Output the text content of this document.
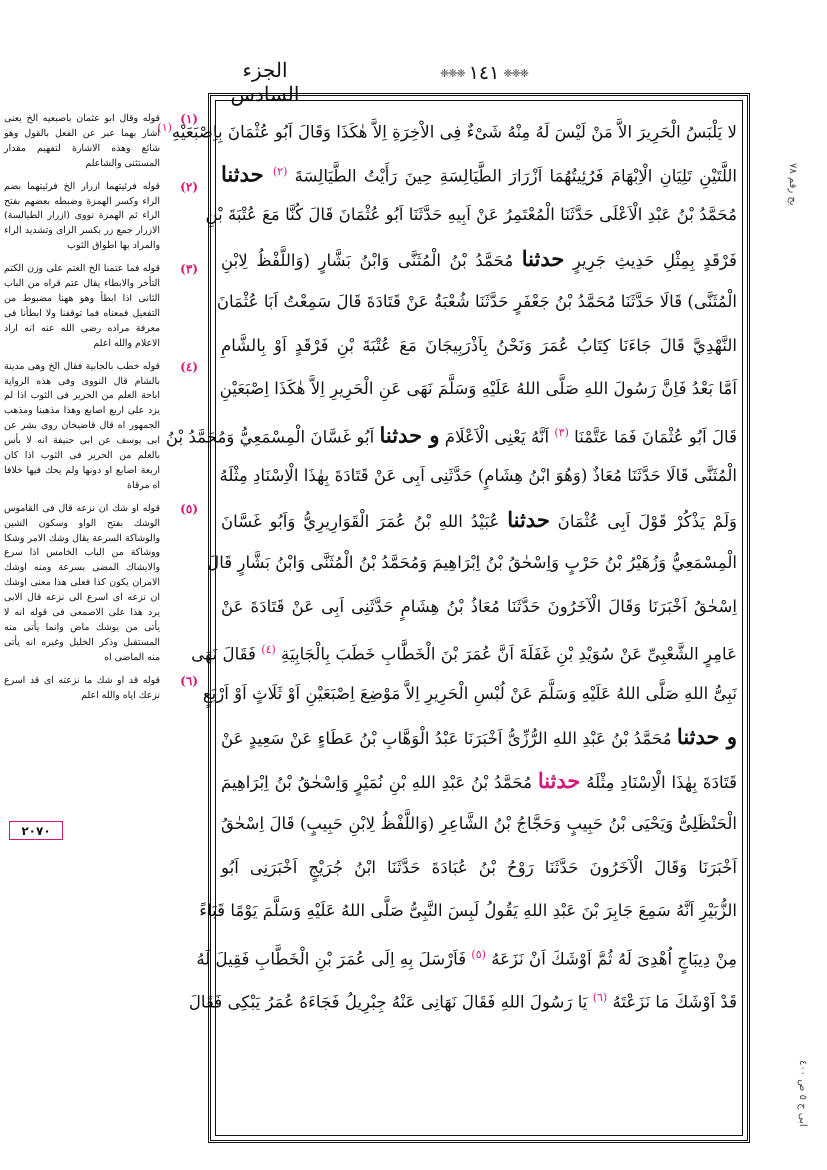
الجزء السادس
❈❈❈
١٤١
❈❈❈
لا يَلْبَسُ الْحَرِيرَ الاَّ مَنْ لَيْسَ لَهُ مِنْهُ شَىْءٌ فِى الاْخِرَةِ اِلاَّ هٰكَذَا وَقَالَ اَبُو عُثْمَانَ بِاِصْبَعَيْهِ$^{(١)}$
اللَّتَيْنِ تَلِيَانِ الْاِبْهَامَ فَرُئِيتُهُمَا اَزْرَارَ الطَّيَالِسَةِ حِينَ رَأَيْتُ الطَّيَالِسَةَ $^{(٢)}$ حدثنا
مُحَمَّدُ بْنُ عَبْدِ الْاَعْلَى حَدَّثَنَا الْمُعْتَمِرُ عَنْ اَبِيهِ حَدَّثَنَا اَبُو عُثْمَانَ قَالَ كُنَّا مَعَ عُتْبَةَ بْنِ
فَرْقَدٍ بِمِثْلِ حَدِيثِ جَرِيرٍ حدثنا مُحَمَّدُ بْنُ الْمُثَنَّى وَابْنُ بَشَّارٍ (وَاللَّفْظُ لِابْنِ
الْمُثَنَّى) قَالَا حَدَّثَنَا مُحَمَّدُ بْنُ جَعْفَرٍ حَدَّثَنَا شُعْبَةُ عَنْ قَتَادَةَ قَالَ سَمِعْتُ اَبَا عُثْمَانَ
النَّهْدِيَّ قَالَ جَاءَنَا كِتَابُ عُمَرَ وَنَحْنُ بِاَذْرَبِيجَانَ مَعَ عُتْبَةَ بْنِ فَرْقَدٍ اَوْ بِالشَّامِ
اَمَّا بَعْدُ فَاِنَّ رَسُولَ اللهِ صَلَّى اللهُ عَلَيْهِ وَسَلَّمَ نَهَى عَنِ الْحَرِيرِ اِلاَّ هٰكَذَا اِصْبَعَيْنِ
قَالَ اَبُو عُثْمَانَ فَمَا عَتَّمْنَا $^{(٣)}$ اَنَّهُ يَعْنِى الْاَعْلَامَ و حدثنا اَبُو غَسَّانَ الْمِسْمَعِيُّ وَمُحَمَّدُ بْنُ
الْمُثَنَّى قَالَا حَدَّثَنَا مُعَاذٌ (وَهُوَ ابْنُ هِشَامٍ) حَدَّثَنِى اَبِى عَنْ قَتَادَةَ بِهٰذَا الْاِسْنَادِ مِثْلَهُ
وَلَمْ يَذْكُرْ قَوْلَ اَبِى عُثْمَانَ حدثنا عُبَيْدُ اللهِ بْنُ عُمَرَ الْقَوَارِيرِيُّ وَاَبُو غَسَّانَ
الْمِسْمَعِيُّ وَزُهَيْرُ بْنُ حَرْبٍ وَاِسْحٰقُ بْنُ اِبْرَاهِيمَ وَمُحَمَّدُ بْنُ الْمُثَنَّى وَابْنُ بَشَّارٍ قَالَ
اِسْحٰقُ اَخْبَرَنَا وَقَالَ الْآخَرُونَ حَدَّثَنَا مُعَاذُ بْنُ هِشَامٍ حَدَّثَنِى اَبِى عَنْ قَتَادَةَ عَنْ
عَامِرٍ الشَّعْبِىِّ عَنْ سُوَيْدِ بْنِ غَفَلَةَ اَنَّ عُمَرَ بْنَ الْخَطَّابِ خَطَبَ بِالْجَابِيَةِ $^{(٤)}$ فَقَالَ نَهَى
نَبِىُّ اللهِ صَلَّى اللهُ عَلَيْهِ وَسَلَّمَ عَنْ لُبْسِ الْحَرِيرِ اِلاَّ مَوْضِعَ اِصْبَعَيْنِ اَوْ ثَلَاثٍ اَوْ اَرْبَعٍ
و حدثنا مُحَمَّدُ بْنُ عَبْدِ اللهِ الرُّزِّىُّ اَخْبَرَنَا عَبْدُ الْوَهَّابِ بْنُ عَطَاءٍ عَنْ سَعِيدٍ عَنْ
قَتَادَةَ بِهٰذَا الْاِسْنَادِ مِثْلَهُ حدثنا مُحَمَّدُ بْنُ عَبْدِ اللهِ بْنِ نُمَيْرٍ وَاِسْحٰقُ بْنُ اِبْرَاهِيمَ
الْحَنْظَلِىُّ وَيَحْيَى بْنُ حَبِيبٍ وَحَجَّاجُ بْنُ الشَّاعِرِ (وَاللَّفْظُ لِابْنِ حَبِيبٍ) قَالَ اِسْحٰقُ
اَخْبَرَنَا وَقَالَ الْآخَرُونَ حَدَّثَنَا رَوْحُ بْنُ عُبَادَةَ حَدَّثَنَا ابْنُ جُرَيْجٍ اَخْبَرَنِى اَبُو
الزُّبَيْرِ اَنَّهُ سَمِعَ جَابِرَ بْنَ عَبْدِ اللهِ يَقُولُ لَبِسَ النَّبِىُّ صَلَّى اللهُ عَلَيْهِ وَسَلَّمَ يَوْمًا قَبَاءً
مِنْ دِيبَاجٍ اُهْدِىَ لَهُ ثُمَّ اَوْشَكَ اَنْ نَزَعَهُ $^{(٥)}$ فَاَرْسَلَ بِهِ اِلَى عُمَرَ بْنِ الْخَطَّابِ فَقِيلَ لَهُ
قَدْ اَوْشَكَ مَا نَزَعْتَهُ $^{(٦)}$ يَا رَسُولَ اللهِ فَقَالَ نَهَانِى عَنْهُ جِبْرِيلُ فَجَاءَهُ عُمَرُ يَبْكِى فَقَالَ
(١)
قوله وقال ابو عثمان باصبعيه الخ يعنى اشار بهما عبر عن الفعل بالقول وهو شائع وهذه الاشارة لتفهيم مقدار المستثنى والشاعلم
(٢)
قوله فرئيتهما ازرار الخ فرئيتهما بضم الراء وكسر الهمزة وضبطه بعضهم بفتح الراء ثم الهمزة نووى (ازرار الطيالسة) الازرار جمع زر بكسر الزاى وتشديد الراء والمراد بها اطواق الثوب
(٣)
قوله فما عتمنا الخ العتم على وزن الكتم التأخر والابطاء يقال عتم قراه من الباب الثانى اذا ابطأ وهو ههنا مضبوط من التفعيل فمعناه فما توقفنا ولا ابطأنا فى معرفة مراده رضى الله عنه انه اراد الاعلام والله اعلم
(٤)
قوله خطب بالجابية فقال الخ وهى مدينة بالشام قال النووى وفى هذه الرواية اباحة العلم من الحرير فى الثوب اذا لم يزد على اربع اصابع وهذا مذهبنا ومذهب الجمهور اه قال قاضيخان روى بشر عن ابى يوسف عن ابى حنيفة انه لا بأس بالعلم من الحرير فى الثوب اذا كان اربعة اصابع او دونها ولم يحك فيها خلافا اه مرقاة
(٥)
قوله او شك ان نزعه قال فى القاموس الوشك بفتح الواو وسكون الشين والوشاكة السرعة يقال وشك الامر وشكا ووشاكة من الباب الخامس اذا سرع والايشاك المضى بسرعة ومنه اوشك الامران يكون كذا فعلى هذا معنى اوشك ان نزعه اى اسرع الى نزعه قال الابى يرد هذا على الاصمعى فى قوله انه لا يأتى من يوشك ماض وانما يأتى منه المستقبل وذكر الخليل وغيره انه يأتى منه الماضى اه
(٦)
قوله قد او شك ما نزعته اى قد اسرع نزعك اياه والله اعلم
٢٠٧٠
بج رقم ٧٨
ابى ج ٥ ص ٤٠٠
